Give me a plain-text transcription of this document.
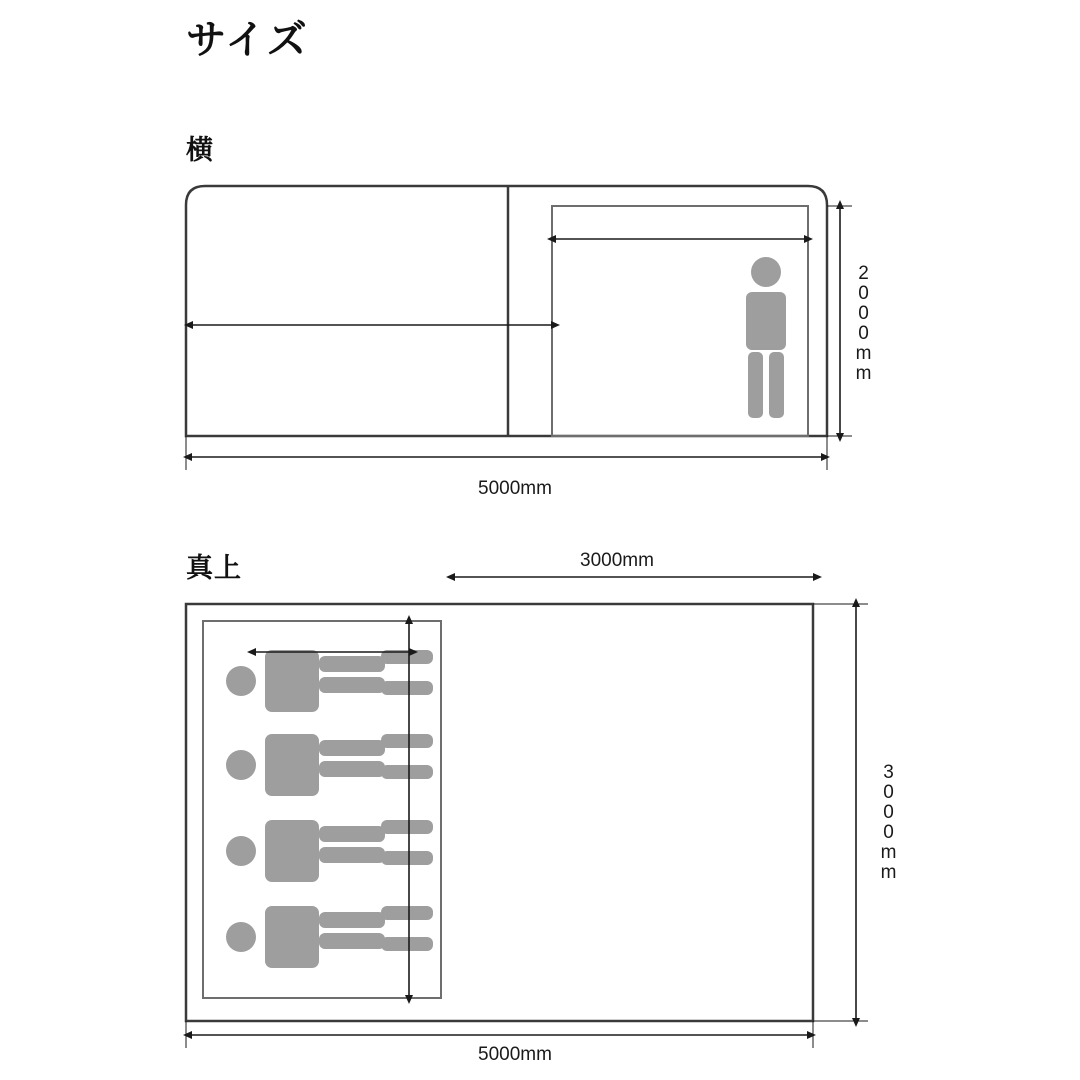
サイズ
横
真上
2000mm
5000mm
3000mm
3000mm
5000mm
